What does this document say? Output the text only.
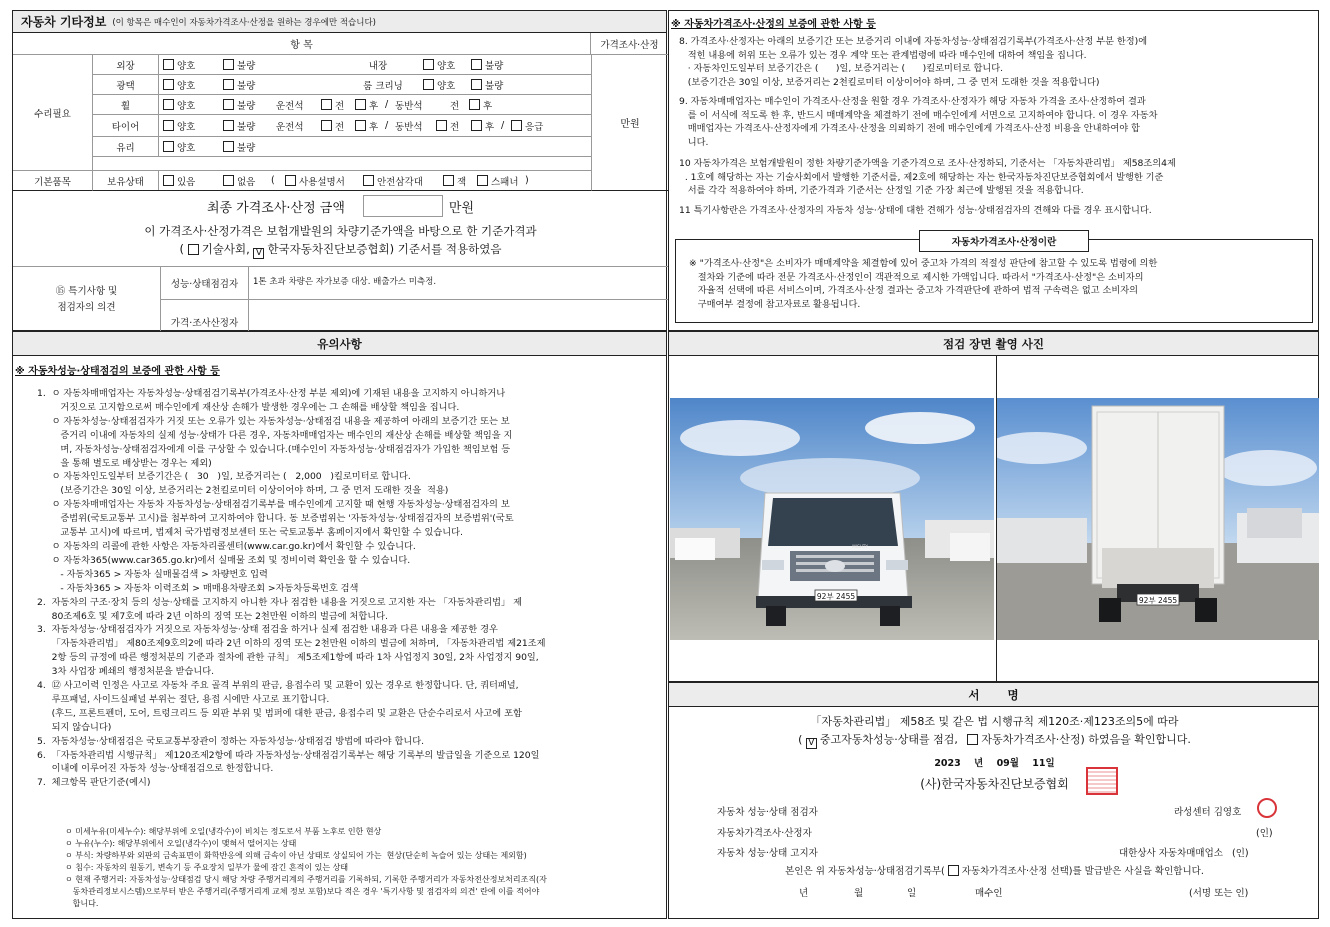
자동차 기타정보 (이 항목은 매수인이 자동차가격조사·산정을 원하는 경우에만 적습니다)
항 목	가격조사·산정
수리필요
기본품목
만원
외장	양호	불량	내장	양호	불량
광택	양호	불량	룸 크리닝	양호	불량
휠	양호	불량 운전석	전	후 / 동반석	전	후
타이어	양호	불량 운전석	전	후 / 동반석	전	후 / 응급
유리	양호	불량
보유상태	있음	없음 (	사용설명서	안전삼각대	잭	스패너 )
최종 가격조사·산정 금액	만원
이 가격조사·산정가격은 보험개발원의 차량기준가액을 바탕으로 한 기준가격과
( 기술사회, V 한국자동차진단보증협회) 기준서를 적용하였음
⑮ 특기사항 및
점검자의 의견
성능·상태점검자	1톤 초과 차량은 자가보증 대상. 배출가스 미측정.
가격·조사산정자
※ 자동차가격조사·산정의 보증에 관한 사항 등
8. 가격조사·산정자는 아래의 보증기간 또는 보증거리 이내에 자동차성능·상태점검기록부(가격조사·산정 부분 한정)에
적힌 내용에 허위 또는 오류가 있는 경우 계약 또는 관계법령에 따라 매수인에 대하여 책임을 집니다.
· 자동차인도일부터 보증기간은 (      )일, 보증거리는 (      )킬로미터로 합니다.
(보증기간은 30일 이상, 보증거리는 2천킬로미터 이상이어야 하며, 그 중 먼저 도래한 것을 적용합니다)
9. 자동차매매업자는 매수인이 가격조사·산정을 원할 경우 가격조사·산정자가 해당 자동차 가격을 조사·산정하여 결과
를 이 서식에 적도록 한 후, 반드시 매매계약을 체결하기 전에 매수인에게 서면으로 고지하여야 합니다. 이 경우 자동차
매매업자는 가격조사·산정자에게 가격조사·산정을 의뢰하기 전에 매수인에게 가격조사·산정 비용을 안내하여야 합
니다.
10 자동차가격은 보험개발원이 정한 차량기준가액을 기준가격으로 조사·산정하되, 기준서는 「자동차관리법」 제58조의4제
. 1호에 해당하는 자는 기술사회에서 발행한 기준서를, 제2호에 해당하는 자는 한국자동차진단보증협회에서 발행한 기준
서를 각각 적용하여야 하며, 기준가격과 기준서는 산정일 기준 가장 최근에 발행된 것을 적용합니다.
11 특기사항란은 가격조사·산정자의 자동차 성능·상태에 대한 견해가 성능·상태점검자의 견해와 다를 경우 표시합니다.
자동차가격조사·산정이란
※ "가격조사·산정"은 소비자가 매매계약을 체결함에 있어 중고차 가격의 적절성 판단에 참고할 수 있도록 법령에 의한
절차와 기준에 따라 전문 가격조사·산정인이 객관적으로 제시한 가액입니다. 따라서 "가격조사·산정"은 소비자의
자율적 선택에 따른 서비스이며, 가격조사·산정 결과는 중고차 가격판단에 관하여 법적 구속력은 없고 소비자의
구매여부 결정에 참고자료로 활용됩니다.
유의사항
※ 자동차성능·상태점검의 보증에 관한 사항 등
1.  ㅇ 자동차매매업자는 자동차성능·상태점검기록부(가격조사·산정 부분 제외)에 기재된 내용을 고지하지 아니하거나
거짓으로 고지함으로써 매수인에게 재산상 손해가 발생한 경우에는 그 손해를 배상할 책임을 집니다.
ㅇ 자동차성능·상태점검자가 거짓 또는 오류가 있는 자동차성능·상태점검 내용을 제공하여 아래의 보증기간 또는 보
증거리 이내에 자동차의 실제 성능·상태가 다른 경우, 자동차매매업자는 매수인의 재산상 손해를 배상할 책임을 지
며, 자동차성능·상태점검자에게 이를 구상할 수 있습니다.(매수인이 자동차성능·상태점검자가 가입한 책임보험 등
을 통해 별도로 배상받는 경우는 제외)
ㅇ 자동차인도일부터 보증기간은 (   30   )일, 보증거리는 (   2,000   )킬로미터로 합니다.
(보증기간은 30일 이상, 보증거리는 2천킬로미터 이상이어야 하며, 그 중 먼저 도래한 것을  적용)
ㅇ 자동차매매업자는 자동차 자동차성능·상태점검기록부를 매수인에게 고지할 때 현행 자동차성능·상태점검자의 보
증범위(국토교통부 고시)를 첨부하여 고지하여야 합니다. 동 보증범위는 '자동차성능·상태점검자의 보증범위'(국토
교통부 고시)에 따르며, 법제처 국가법령정보센터 또는 국토교통부 홈페이지에서 확인할 수 있습니다.
ㅇ 자동차의 리콜에 관한 사항은 자동차리콜센터(www.car.go.kr)에서 확인할 수 있습니다.
ㅇ 자동차365(www.car365.go.kr)에서 실매물 조회 및 정비이력 확인을 할 수 있습니다.
- 자동차365 > 자동차 실매물검색 > 차량번호 입력
- 자동차365 > 자동차 이력조회 > 매매용차량조회 >자동차등록번호 검색
2.  자동차의 구조·장치 등의 성능·상태를 고지하지 아니한 자나 점검한 내용을 거짓으로 고지한 자는 「자동차관리법」 제
80조제6호 및 제7호에 따라 2년 이하의 징역 또는 2천만원 이하의 벌금에 처합니다.
3.  자동차성능·상태점검자가 거짓으로 자동차성능·상태 점검을 하거나 실제 점검한 내용과 다른 내용을 제공한 경우
「자동차관리법」 제80조제9호의2에 따라 2년 이하의 징역 또는 2천만원 이하의 벌금에 처하며, 「자동차관리법 제21조제
2항 등의 규정에 따른 행정처분의 기준과 절차에 관한 규칙」 제5조제1항에 따라 1차 사업정지 30일, 2차 사업정지 90일,
3차 사업장 폐쇄의 행정처분을 받습니다.
4.  ⑫ 사고이력 인정은 사고로 자동차 주요 골격 부위의 판금, 용접수리 및 교환이 있는 경우로 한정합니다. 단, 쿼터패널,
루프패널, 사이드실패널 부위는 절단, 용접 시에만 사고로 표기합니다.
(후드, 프론트펜더, 도어, 트렁크리드 등 외판 부위 및 범퍼에 대한 판금, 용접수리 및 교환은 단순수리로서 사고에 포함
되지 않습니다)
5.  자동차성능·상태점검은 국토교통부장관이 정하는 자동차성능·상태점검 방법에 따라야 합니다.
6.  「자동차관리법 시행규칙」 제120조제2항에 따라 자동차성능·상태점검기록부는 해당 기록부의 발급일을 기준으로 120일
이내에 이루어진 자동차 성능·상태점검으로 한정합니다.
7.  체크항목 판단기준(예시)
ㅇ 미세누유(미세누수): 해당부위에 오일(냉각수)이 비치는 정도로서 부품 노후로 인한 현상
ㅇ 누유(누수): 해당부위에서 오일(냉각수)이 맺혀서 떨어지는 상태
ㅇ 부식: 차량하부와 외판의 금속표면이 화학반응에 의해 금속이 아닌 상태로 상실되어 가는  현상(단순히 녹슬어 있는 상태는 제외함)
ㅇ 침수: 자동차의 원동기, 변속기 등 주요장치 일부가 물에 잠긴 흔적이 있는 상태
ㅇ 현재 주행거리: 자동차성능·상태점검 당시 해당 차량 주행거리계의 주행거리를 기록하되, 기록한 주행거리가 자동차전산정보처리조직(자
동차관리정보시스템)으로부터 받은 주행거리(주행거리계 교체 정보 포함)보다 적은 경우 '특기사항 및 점검자의 의견' 란에 이를 적어야
합니다.
점검 장면 촬영 사진
92부 2455
MIGHTY
92부 2455
서       명
「자동차관리법」 제58조 및 같은 법 시행규칙 제120조·제123조의5에 따라
( V 중고자동차성능·상태를 점검, 자동차가격조사·산정) 하였음을 확인합니다.
2023 년 09월 11일
(사)한국자동차진단보증협회
자동차 성능·상태 점검자	라성센터 김영호
자동차가격조사·산정자	(인)
자동차 성능·상태 고지자	대한상사 자동차매매업소   (인)
본인은 위 자동차성능·상태점검기록부( 자동차가격조사·산정 선택)를 발급받은 사실을 확인합니다.
년	월	일	매수인	(서명 또는 인)
